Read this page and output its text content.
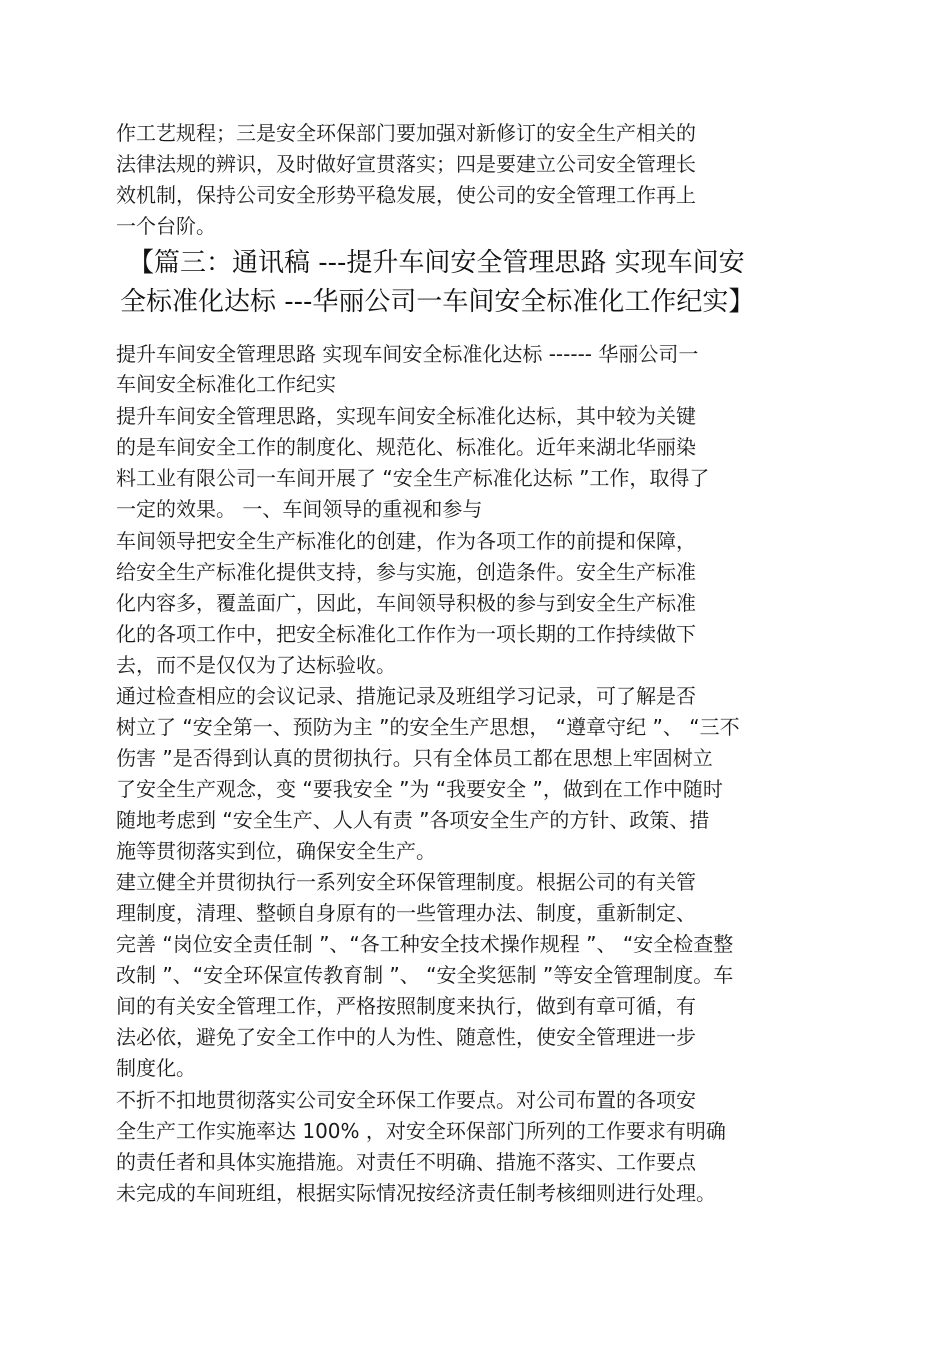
作工艺规程；三是安全环保部门要加强对新修订的安全生产相关的
法律法规的辨识，及时做好宣贯落实；四是要建立公司安全管理长
效机制，保持公司安全形势平稳发展，使公司的安全管理工作再上
一个台阶。
【篇三：通讯稿 ---提升车间安全管理思路 实现车间安
全标准化达标 ---华丽公司一车间安全标准化工作纪实】
提升车间安全管理思路 实现车间安全标准化达标 ------ 华丽公司一
车间安全标准化工作纪实
提升车间安全管理思路，实现车间安全标准化达标，其中较为关键
的是车间安全工作的制度化、规范化、标准化。近年来湖北华丽染
料工业有限公司一车间开展了 “安全生产标准化达标 ”工作，取得了
一定的效果。 一、车间领导的重视和参与
车间领导把安全生产标准化的创建，作为各项工作的前提和保障，
给安全生产标准化提供支持，参与实施，创造条件。安全生产标准
化内容多，覆盖面广，因此，车间领导积极的参与到安全生产标准
化的各项工作中，把安全标准化工作作为一项长期的工作持续做下
去，而不是仅仅为了达标验收。
通过检查相应的会议记录、措施记录及班组学习记录，可了解是否
树立了 “安全第一、预防为主 ”的安全生产思想， “遵章守纪 ”、 “三不
伤害 ”是否得到认真的贯彻执行。只有全体员工都在思想上牢固树立
了安全生产观念，变 “要我安全 ”为 “我要安全 ”，做到在工作中随时
随地考虑到 “安全生产、人人有责 ”各项安全生产的方针、政策、措
施等贯彻落实到位，确保安全生产。
建立健全并贯彻执行一系列安全环保管理制度。根据公司的有关管
理制度，清理、整顿自身原有的一些管理办法、制度，重新制定、
完善 “岗位安全责任制 ”、“各工种安全技术操作规程 ”、 “安全检查整
改制 ”、“安全环保宣传教育制 ”、 “安全奖惩制 ”等安全管理制度。车
间的有关安全管理工作，严格按照制度来执行，做到有章可循，有
法必依，避免了安全工作中的人为性、随意性，使安全管理进一步
制度化。
不折不扣地贯彻落实公司安全环保工作要点。对公司布置的各项安
全生产工作实施率达 100% ，对安全环保部门所列的工作要求有明确
的责任者和具体实施措施。对责任不明确、措施不落实、工作要点
未完成的车间班组，根据实际情况按经济责任制考核细则进行处理。
